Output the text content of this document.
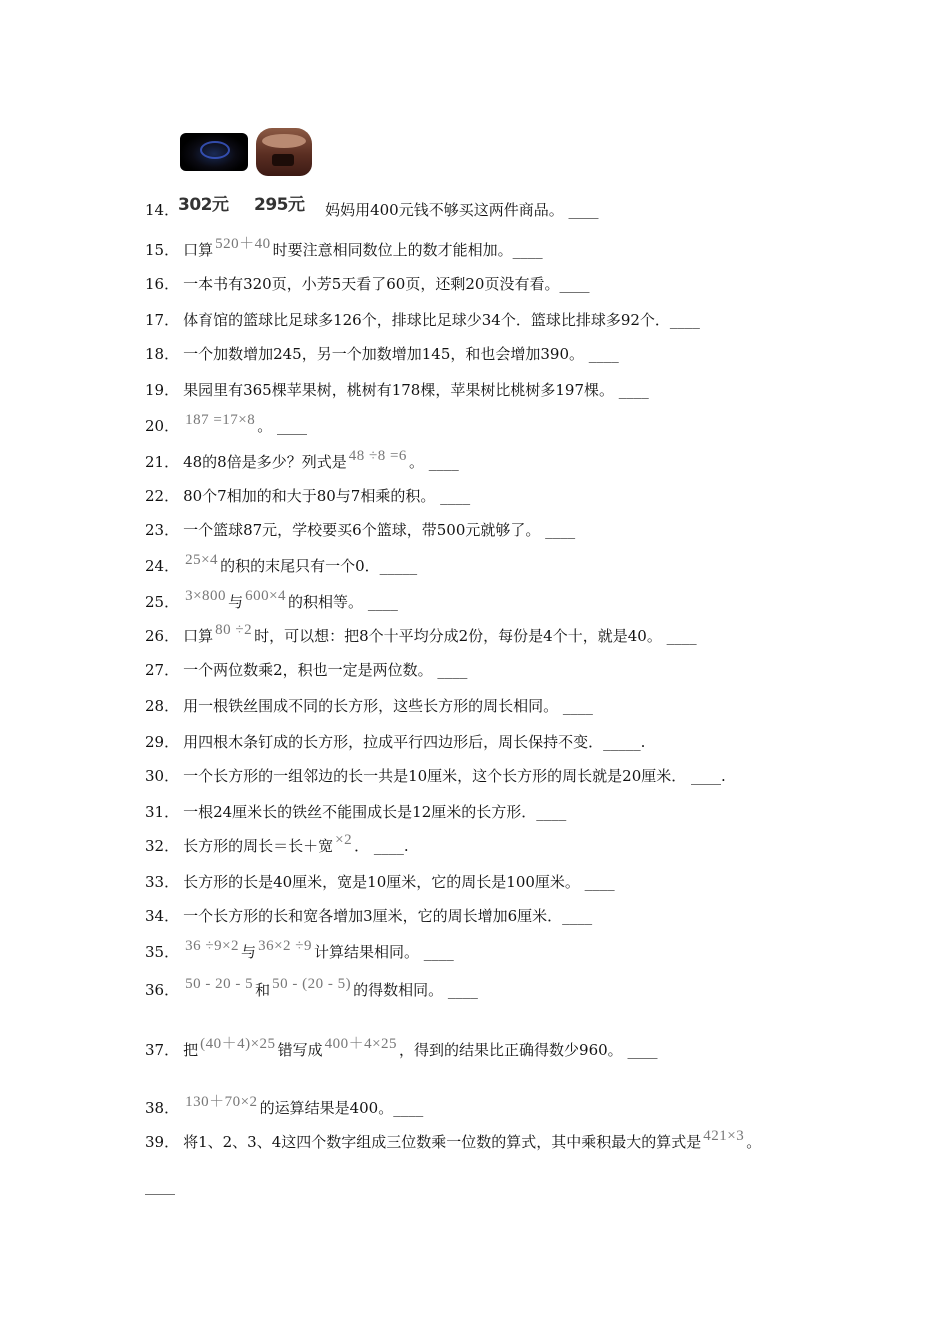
302元 295元
14．	妈妈用400元钱不够买这两件商品。 ____
15． 口算 520＋40 时要注意相同数位上的数才能相加。____
16． 一本书有320页，小芳5天看了60页，还剩20页没有看。____
17． 体育馆的篮球比足球多126个，排球比足球少34个．篮球比排球多92个．____
18． 一个加数增加245，另一个加数增加145，和也会增加390。 ____
19． 果园里有365棵苹果树，桃树有178棵，苹果树比桃树多197棵。 ____
20． 187 =17×8 。 ____
21． 48的8倍是多少？列式是 48 ÷8 =6 。 ____
22． 80个7相加的和大于80与7相乘的积。 ____
23． 一个篮球87元，学校要买6个篮球，带500元就够了。 ____
24． 25×4 的积的末尾只有一个0．_____
25． 3×800 与 600×4 的积相等。 ____
26． 口算 80 ÷2 时，可以想：把8个十平均分成2份，每份是4个十，就是40。 ____
27． 一个两位数乘2，积也一定是两位数。 ____
28． 用一根铁丝围成不同的长方形，这些长方形的周长相同。 ____
29． 用四根木条钉成的长方形，拉成平行四边形后，周长保持不变．_____.
30． 一个长方形的一组邻边的长一共是10厘米，这个长方形的周长就是20厘米． ____.
31． 一根24厘米长的铁丝不能围成长是12厘米的长方形．____
32． 长方形的周长＝长＋宽 ×2 ． ____.
33． 长方形的长是40厘米，宽是10厘米，它的周长是100厘米。 ____
34． 一个长方形的长和宽各增加3厘米，它的周长增加6厘米．____
35． 36 ÷9×2 与 36×2 ÷9 计算结果相同。 ____
36． 50 - 20 - 5 和 50 - (20 - 5) 的得数相同。 ____
37． 把 (40＋4)×25 错写成 400＋4×25 ，得到的结果比正确得数少960。 ____
38． 130＋70×2 的运算结果是400。____
39． 将1、2、3、4这四个数字组成三位数乘一位数的算式，其中乘积最大的算式是 421×3 。
____
